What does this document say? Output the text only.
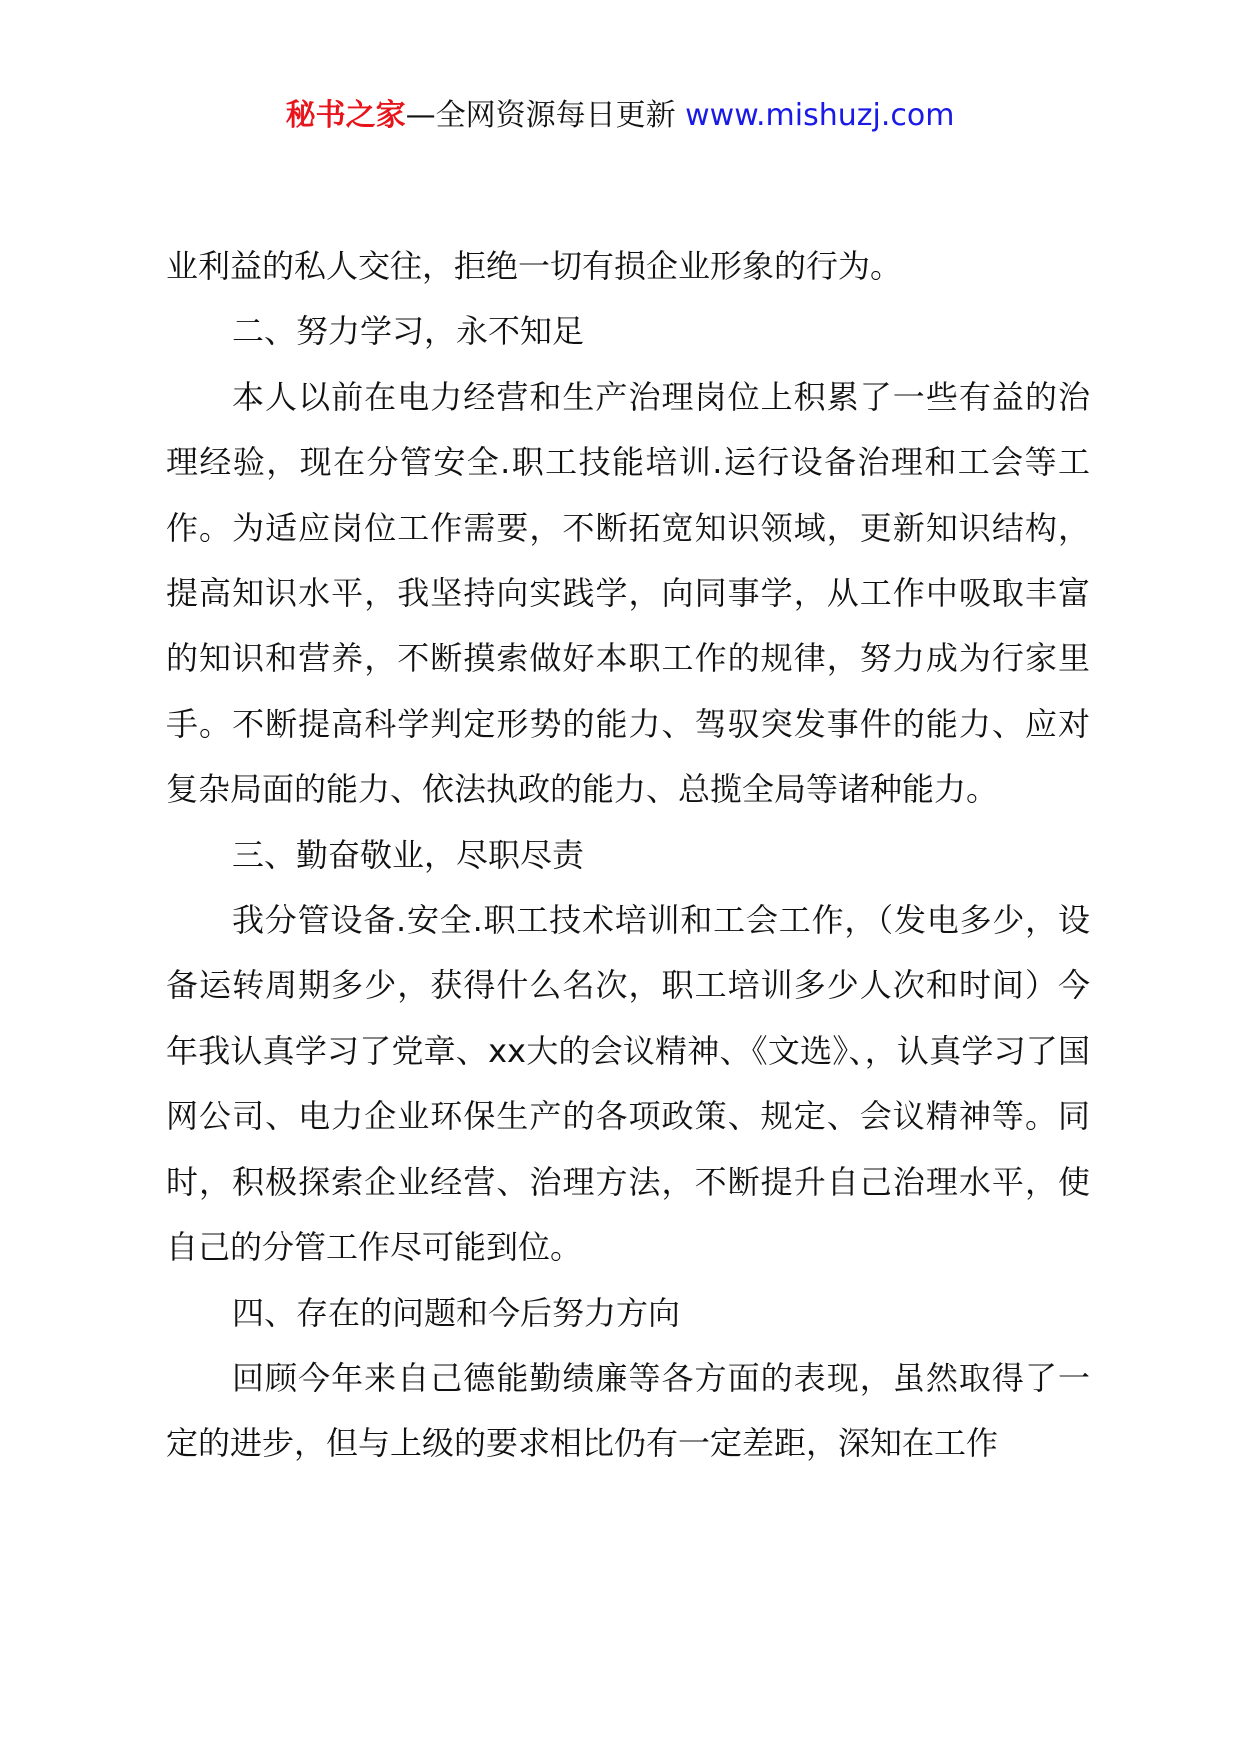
秘书之家—全网资源每日更新 www.mishuzj.com

业利益的私人交往，拒绝一切有损企业形象的行为。

二、努力学习，永不知足

本人以前在电力经营和生产治理岗位上积累了一些有益的治理经验，现在分管安全.职工技能培训.运行设备治理和工会等工作。为适应岗位工作需要，不断拓宽知识领域，更新知识结构，提高知识水平，我坚持向实践学，向同事学，从工作中吸取丰富的知识和营养，不断摸索做好本职工作的规律，努力成为行家里手。不断提高科学判定形势的能力、驾驭突发事件的能力、应对复杂局面的能力、依法执政的能力、总揽全局等诸种能力。

三、勤奋敬业，尽职尽责

我分管设备.安全.职工技术培训和工会工作，（发电多少，设备运转周期多少，获得什么名次，职工培训多少人次和时间）今年我认真学习了党章、xx大的会议精神、《文选》、，认真学习了国网公司、电力企业环保生产的各项政策、规定、会议精神等。同时，积极探索企业经营、治理方法，不断提升自己治理水平，使自己的分管工作尽可能到位。

四、存在的问题和今后努力方向

回顾今年来自己德能勤绩廉等各方面的表现，虽然取得了一定的进步，但与上级的要求相比仍有一定差距，深知在工作
